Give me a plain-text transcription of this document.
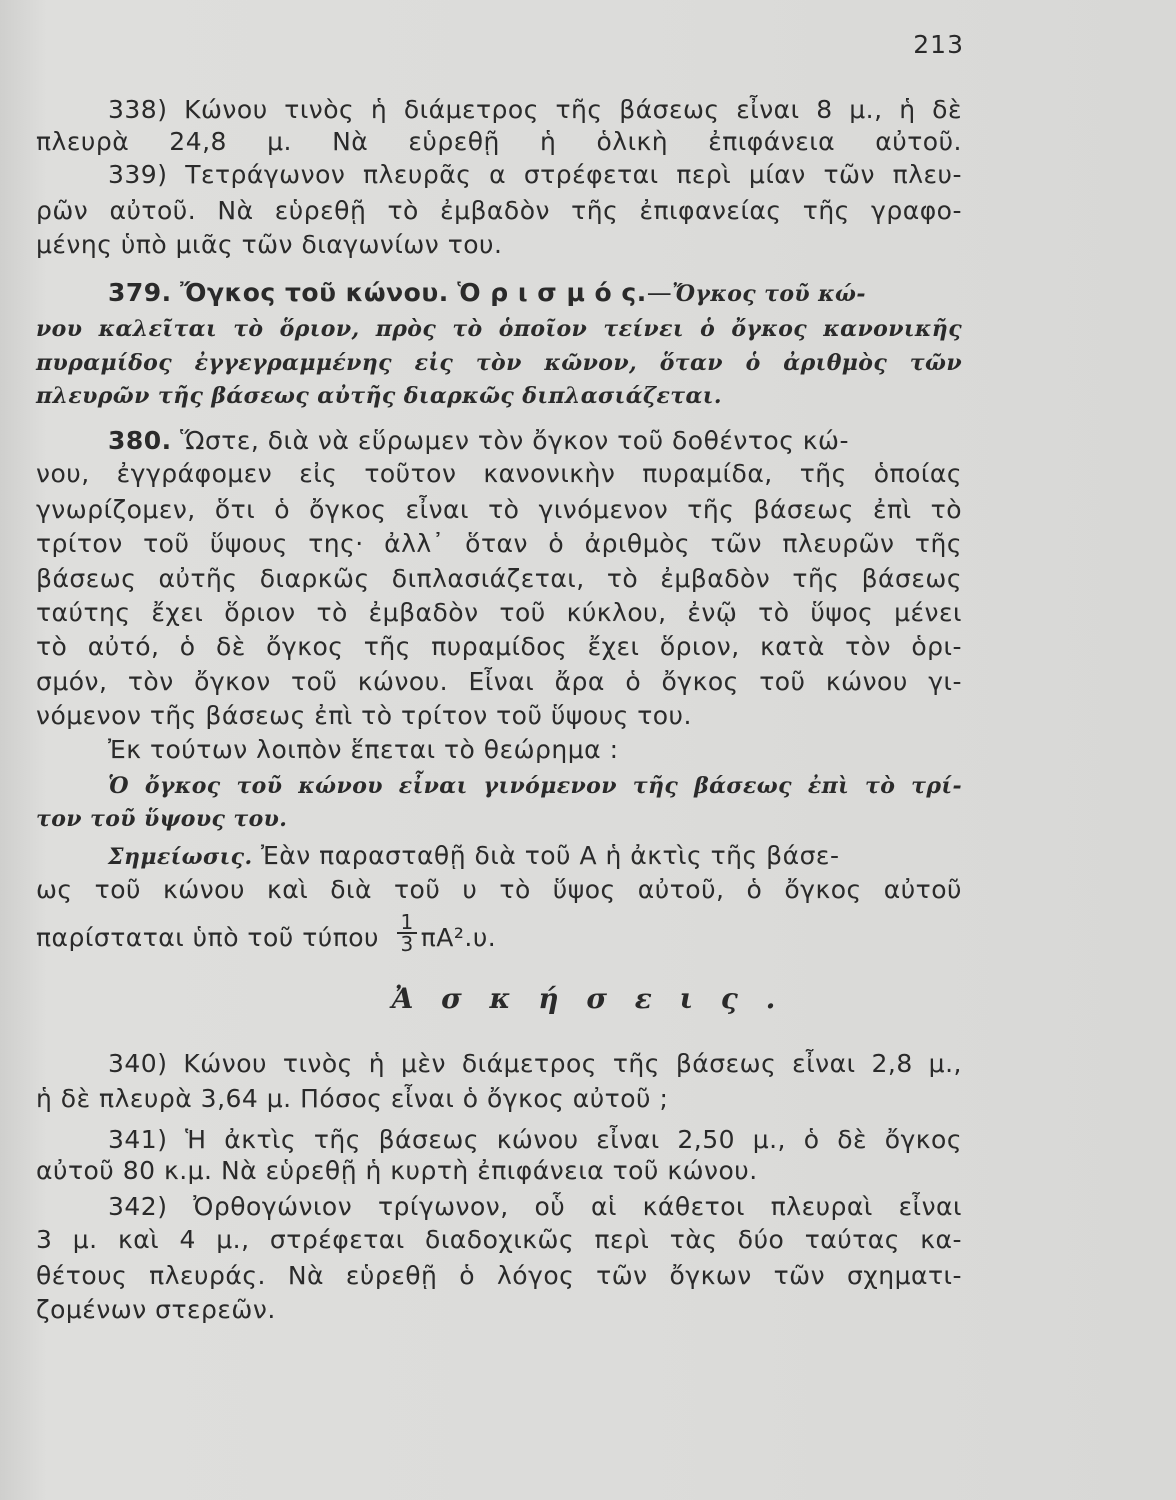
213
338) Κώνου τινὸς ἡ διάμετρος τῆς βάσεως εἶναι 8 μ., ἡ δὲ
πλευρὰ 24,8 μ. Νὰ εὑρεθῇ ἡ ὁλικὴ ἐπιφάνεια αὐτοῦ.
339) Τετράγωνον πλευρᾶς α στρέφεται περὶ μίαν τῶν πλευ-
ρῶν αὐτοῦ. Νὰ εὑρεθῇ τὸ ἐμβαδὸν τῆς ἐπιφανείας τῆς γραφο-
μένης ὑπὸ μιᾶς τῶν διαγωνίων του.
379. Ὄγκος τοῦ κώνου. Ὁ ρ ι σ μ ό ς.—Ὄγκος τοῦ κώ-
νου καλεῖται τὸ ὅριον, πρὸς τὸ ὁποῖον τείνει ὁ ὄγκος κανονικῆς
πυραμίδος ἐγγεγραμμένης εἰς τὸν κῶνον, ὅταν ὁ ἀριθμὸς τῶν
πλευρῶν τῆς βάσεως αὐτῆς διαρκῶς διπλασιάζεται.
380. Ὥστε, διὰ νὰ εὕρωμεν τὸν ὄγκον τοῦ δοθέντος κώ-
νου, ἐγγράφομεν εἰς τοῦτον κανονικὴν πυραμίδα, τῆς ὁποίας
γνωρίζομεν, ὅτι ὁ ὄγκος εἶναι τὸ γινόμενον τῆς βάσεως ἐπὶ τὸ
τρίτον τοῦ ὕψους της· ἀλλ᾽ ὅταν ὁ ἀριθμὸς τῶν πλευρῶν τῆς
βάσεως αὐτῆς διαρκῶς διπλασιάζεται, τὸ ἐμβαδὸν τῆς βάσεως
ταύτης ἔχει ὅριον τὸ ἐμβαδὸν τοῦ κύκλου, ἐνῷ τὸ ὕψος μένει
τὸ αὐτό, ὁ δὲ ὄγκος τῆς πυραμίδος ἔχει ὅριον, κατὰ τὸν ὁρι-
σμόν, τὸν ὄγκον τοῦ κώνου. Εἶναι ἄρα ὁ ὄγκος τοῦ κώνου γι-
νόμενον τῆς βάσεως ἐπὶ τὸ τρίτον τοῦ ὕψους του.
Ἐκ τούτων λοιπὸν ἕπεται τὸ θεώρημα :
Ὁ ὄγκος τοῦ κώνου εἶναι γινόμενον τῆς βάσεως ἐπὶ τὸ τρί-
τον τοῦ ὕψους του.
Σημείωσις. Ἐὰν παρασταθῇ διὰ τοῦ Α ἡ ἀκτὶς τῆς βάσε-
ως τοῦ κώνου καὶ διὰ τοῦ υ τὸ ὕψος αὐτοῦ, ὁ ὄγκος αὐτοῦ
παρίσταται ὑπὸ τοῦ τύπου $\frac{1}{3} \pi A^2.\upsilon$.
Ἀ σ κ ή σ ε ι ς .
340) Κώνου τινὸς ἡ μὲν διάμετρος τῆς βάσεως εἶναι 2,8 μ.,
ἡ δὲ πλευρὰ 3,64 μ. Πόσος εἶναι ὁ ὄγκος αὐτοῦ ;
341) Ἡ ἀκτὶς τῆς βάσεως κώνου εἶναι 2,50 μ., ὁ δὲ ὄγκος
αὐτοῦ 80 κ.μ. Νὰ εὑρεθῇ ἡ κυρτὴ ἐπιφάνεια τοῦ κώνου.
342) Ὀρθογώνιον τρίγωνον, οὗ αἱ κάθετοι πλευραὶ εἶναι
3 μ. καὶ 4 μ., στρέφεται διαδοχικῶς περὶ τὰς δύο ταύτας κα-
θέτους πλευράς. Νὰ εὑρεθῇ ὁ λόγος τῶν ὄγκων τῶν σχηματι-
ζομένων στερεῶν.
